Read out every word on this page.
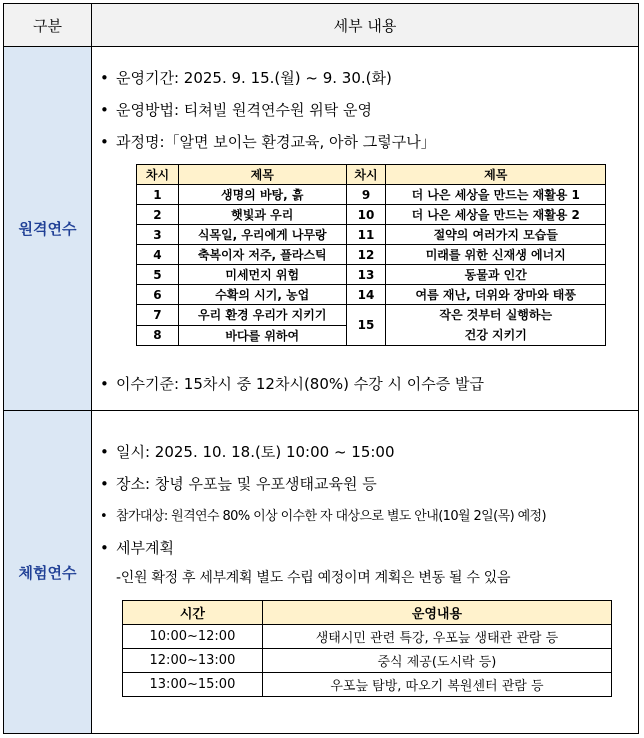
구분	세부 내용
원격연수
• 운영기간: 2025. 9. 15.(월) ~ 9. 30.(화)
• 운영방법: 티쳐빌 원격연수원 위탁 운영
• 과정명:「알면 보이는 환경교육, 아하 그렇구나」
차시	제목	차시	제목
1	생명의 바탕, 흙	9	더 나은 세상을 만드는 재활용 1
2	햇빛과 우리	10	더 나은 세상을 만드는 재활용 2
3	식목일, 우리에게 나무랑	11	절약의 여러가지 모습들
4	축복이자 저주, 플라스틱	12	미래를 위한 신재생 에너지
5	미세먼지 위험	13	동물과 인간
6	수확의 시기, 농업	14	여름 재난, 더위와 장마와 태풍
7	우리 환경 우리가 지키기	15	작은 것부터 실행하는
건강 지키기

8	바다를 위하여		
• 이수기준: 15차시 중 12차시(80%) 수강 시 이수증 발급
체험연수
• 일시: 2025. 10. 18.(토) 10:00 ~ 15:00
• 장소: 창녕 우포늪 및 우포생태교육원 등
• 참가대상: 원격연수 80% 이상 이수한 자 대상으로 별도 안내(10월 2일(목) 예정)
• 세부계획
-인원 확정 후 세부계획 별도 수립 예정이며 계획은 변동 될 수 있음
시간	운영내용
10:00~12:00	생태시민 관련 특강, 우포늪 생태관 관람 등
12:00~13:00	중식 제공(도시락 등)
13:00~15:00	우포늪 탐방, 따오기 복원센터 관람 등
